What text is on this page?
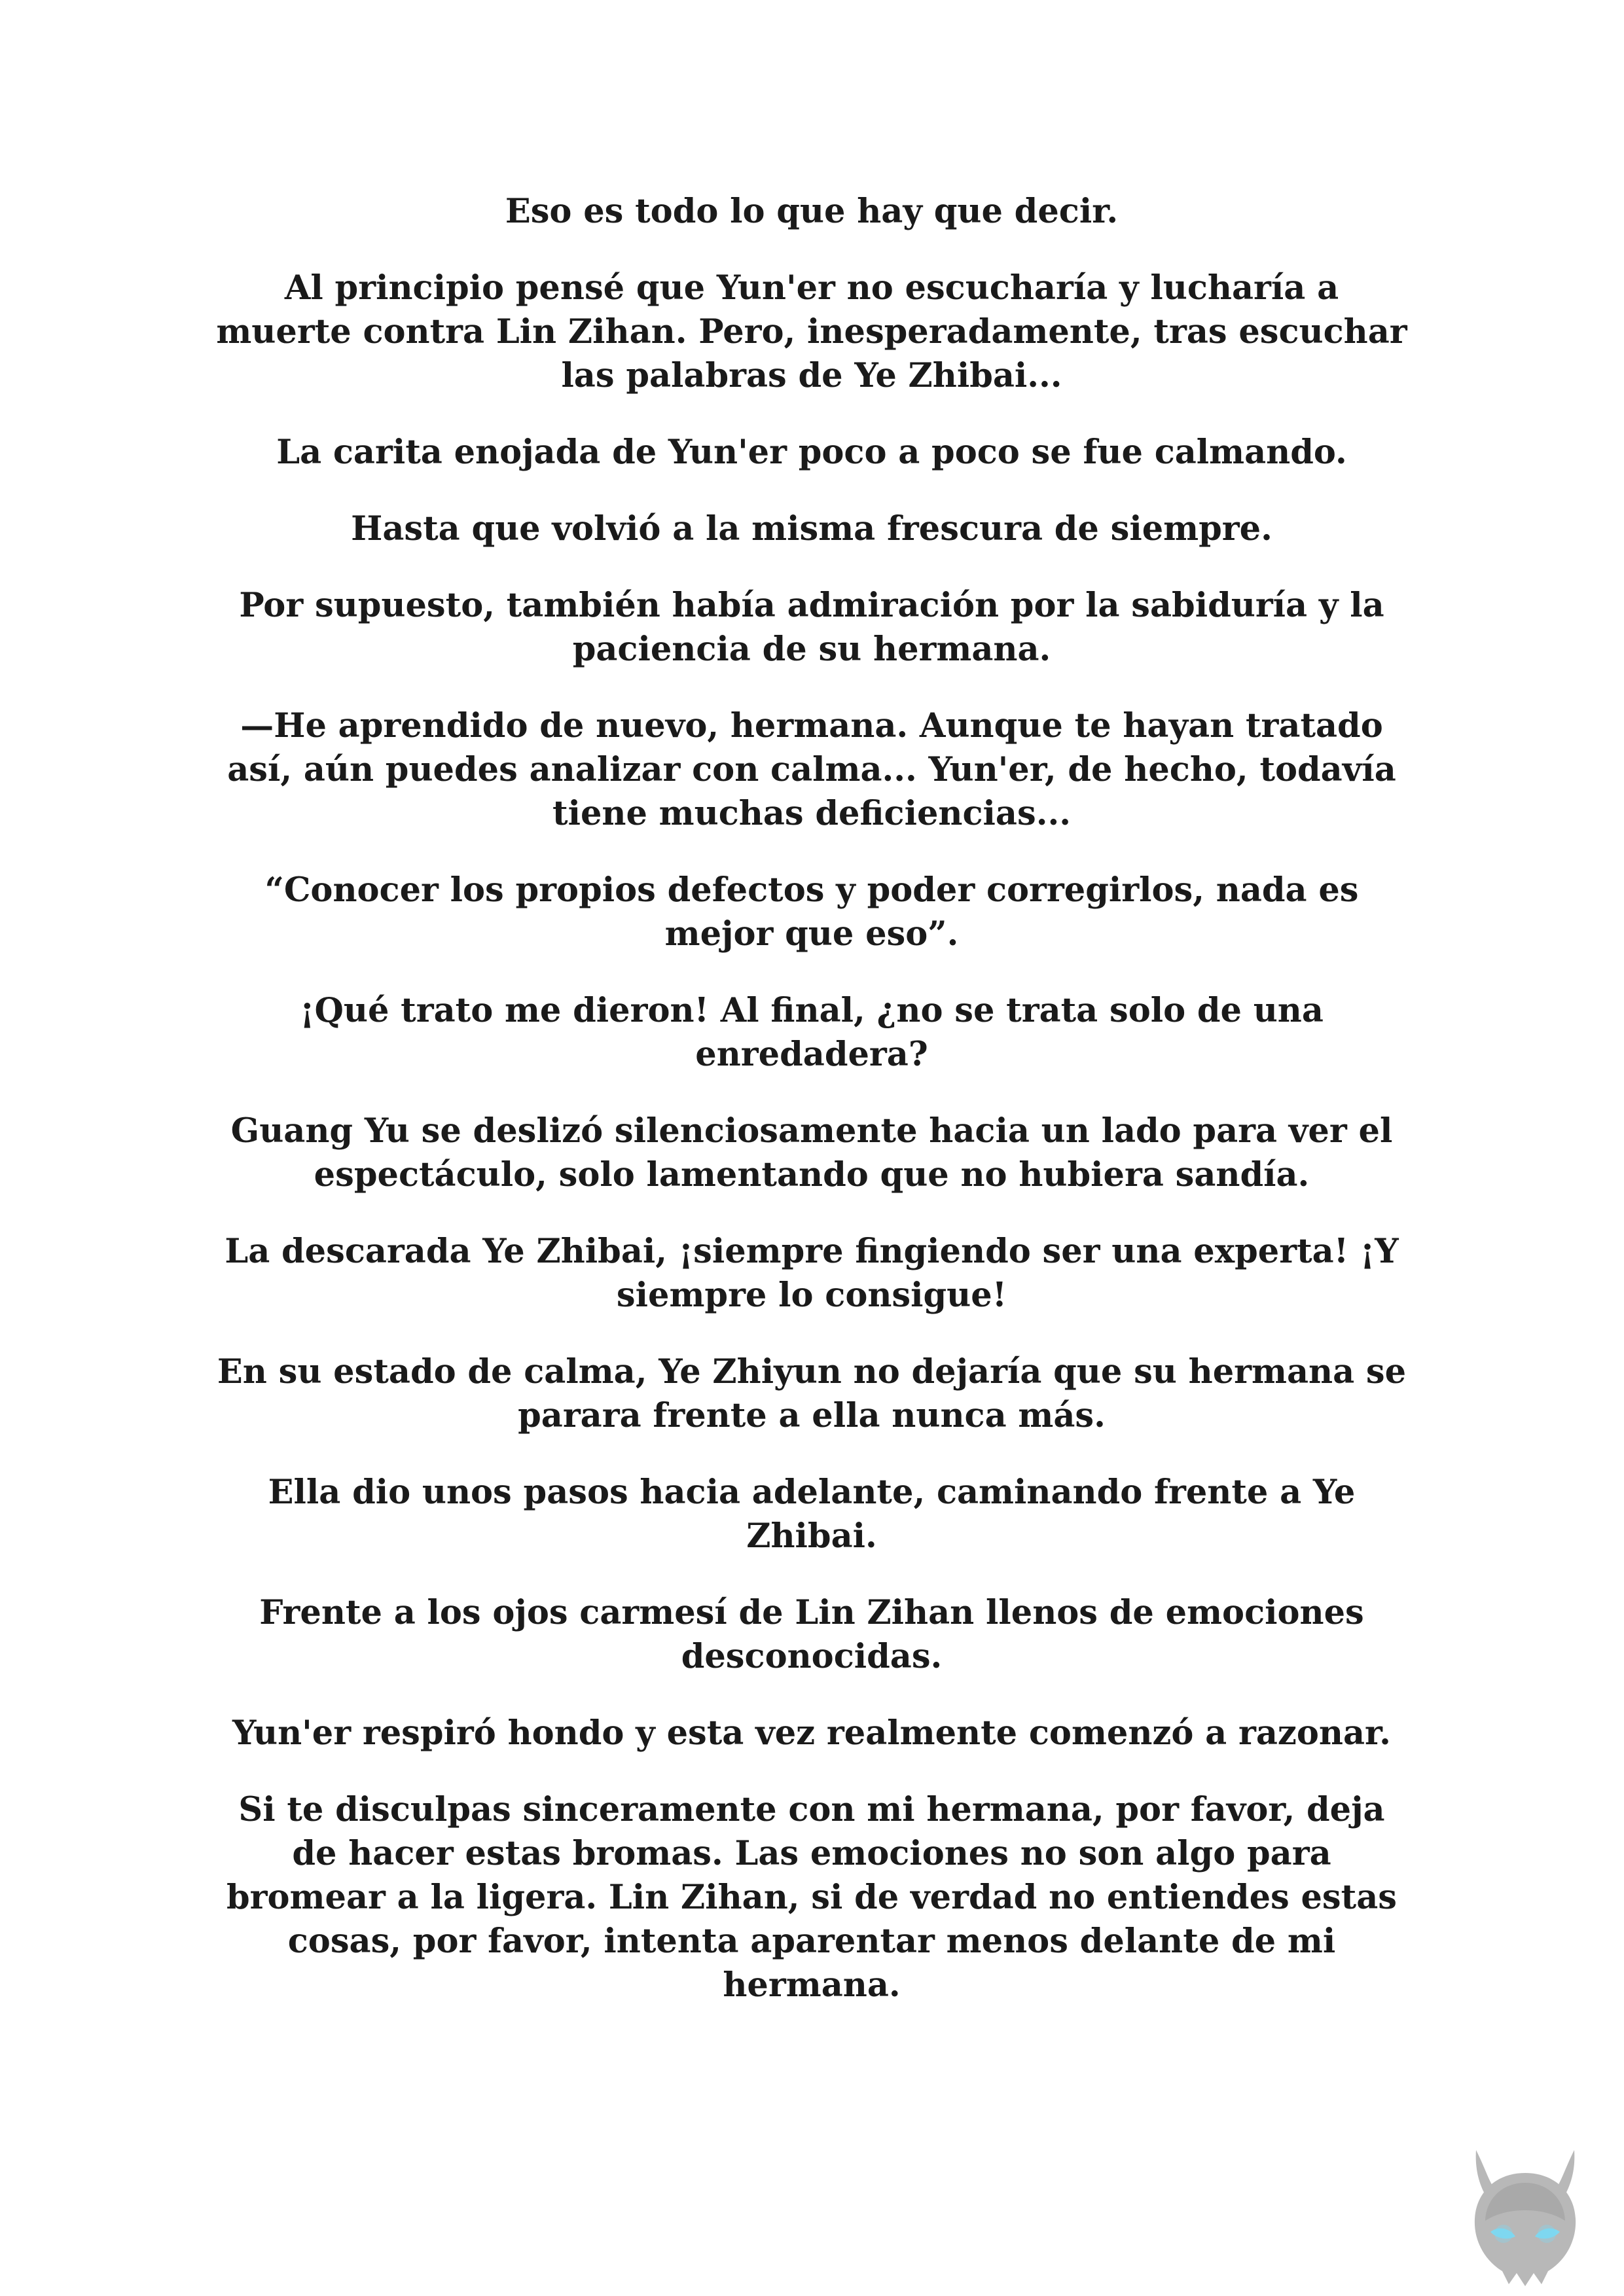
Eso es todo lo que hay que decir.

Al principio pensé que Yun'er no escucharía y lucharía a muerte contra Lin Zihan. Pero, inesperadamente, tras escuchar las palabras de Ye Zhibai...

La carita enojada de Yun'er poco a poco se fue calmando.

Hasta que volvió a la misma frescura de siempre.

Por supuesto, también había admiración por la sabiduría y la paciencia de su hermana.

—He aprendido de nuevo, hermana. Aunque te hayan tratado así, aún puedes analizar con calma... Yun'er, de hecho, todavía tiene muchas deficiencias...

“Conocer los propios defectos y poder corregirlos, nada es mejor que eso”.

¡Qué trato me dieron! Al final, ¿no se trata solo de una enredadera?

Guang Yu se deslizó silenciosamente hacia un lado para ver el espectáculo, solo lamentando que no hubiera sandía.

La descarada Ye Zhibai, ¡siempre fingiendo ser una experta! ¡Y siempre lo consigue!

En su estado de calma, Ye Zhiyun no dejaría que su hermana se parara frente a ella nunca más.

Ella dio unos pasos hacia adelante, caminando frente a Ye Zhibai.

Frente a los ojos carmesí de Lin Zihan llenos de emociones desconocidas.

Yun'er respiró hondo y esta vez realmente comenzó a razonar.

Si te disculpas sinceramente con mi hermana, por favor, deja de hacer estas bromas. Las emociones no son algo para bromear a la ligera. Lin Zihan, si de verdad no entiendes estas cosas, por favor, intenta aparentar menos delante de mi hermana.
